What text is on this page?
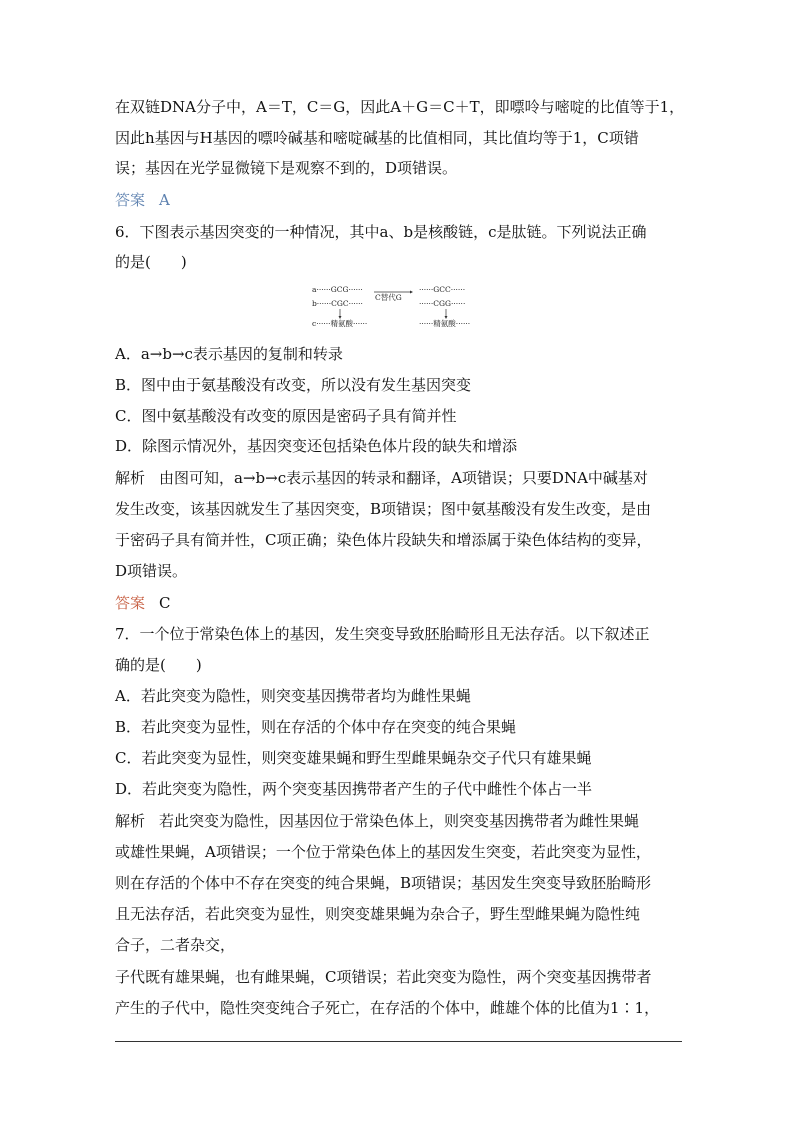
在双链DNA分子中，A＝T，C＝G，因此A＋G＝C＋T，即嘌呤与嘧啶的比值等于1，
因此h基因与H基因的嘌呤碱基和嘧啶碱基的比值相同，其比值均等于1，C项错
误；基因在光学显微镜下是观察不到的，D项错误。
答案 A
6．下图表示基因突变的一种情况，其中a、b是核酸链，c是肽链。下列说法正确
的是(　　)
a······GCG······
b······CGC······
c······精氨酸······
C替代G
······GCC······
······CGG······
······精氨酸······
A．a→b→c表示基因的复制和转录
B．图中由于氨基酸没有改变，所以没有发生基因突变
C．图中氨基酸没有改变的原因是密码子具有简并性
D．除图示情况外，基因突变还包括染色体片段的缺失和增添
解析 由图可知，a→b→c表示基因的转录和翻译，A项错误；只要DNA中碱基对
发生改变，该基因就发生了基因突变，B项错误；图中氨基酸没有发生改变，是由
于密码子具有简并性，C项正确；染色体片段缺失和增添属于染色体结构的变异，
D项错误。
答案 C
7．一个位于常染色体上的基因，发生突变导致胚胎畸形且无法存活。以下叙述正
确的是(　　)
A．若此突变为隐性，则突变基因携带者均为雌性果蝇
B．若此突变为显性，则在存活的个体中存在突变的纯合果蝇
C．若此突变为显性，则突变雄果蝇和野生型雌果蝇杂交子代只有雄果蝇
D．若此突变为隐性，两个突变基因携带者产生的子代中雌性个体占一半
解析 若此突变为隐性，因基因位于常染色体上，则突变基因携带者为雌性果蝇
或雄性果蝇，A项错误；一个位于常染色体上的基因发生突变，若此突变为显性，
则在存活的个体中不存在突变的纯合果蝇，B项错误；基因发生突变导致胚胎畸形
且无法存活，若此突变为显性，则突变雄果蝇为杂合子，野生型雌果蝇为隐性纯
合子，二者杂交，
子代既有雄果蝇，也有雌果蝇，C项错误；若此突变为隐性，两个突变基因携带者
产生的子代中，隐性突变纯合子死亡，在存活的个体中，雌雄个体的比值为1∶1，
